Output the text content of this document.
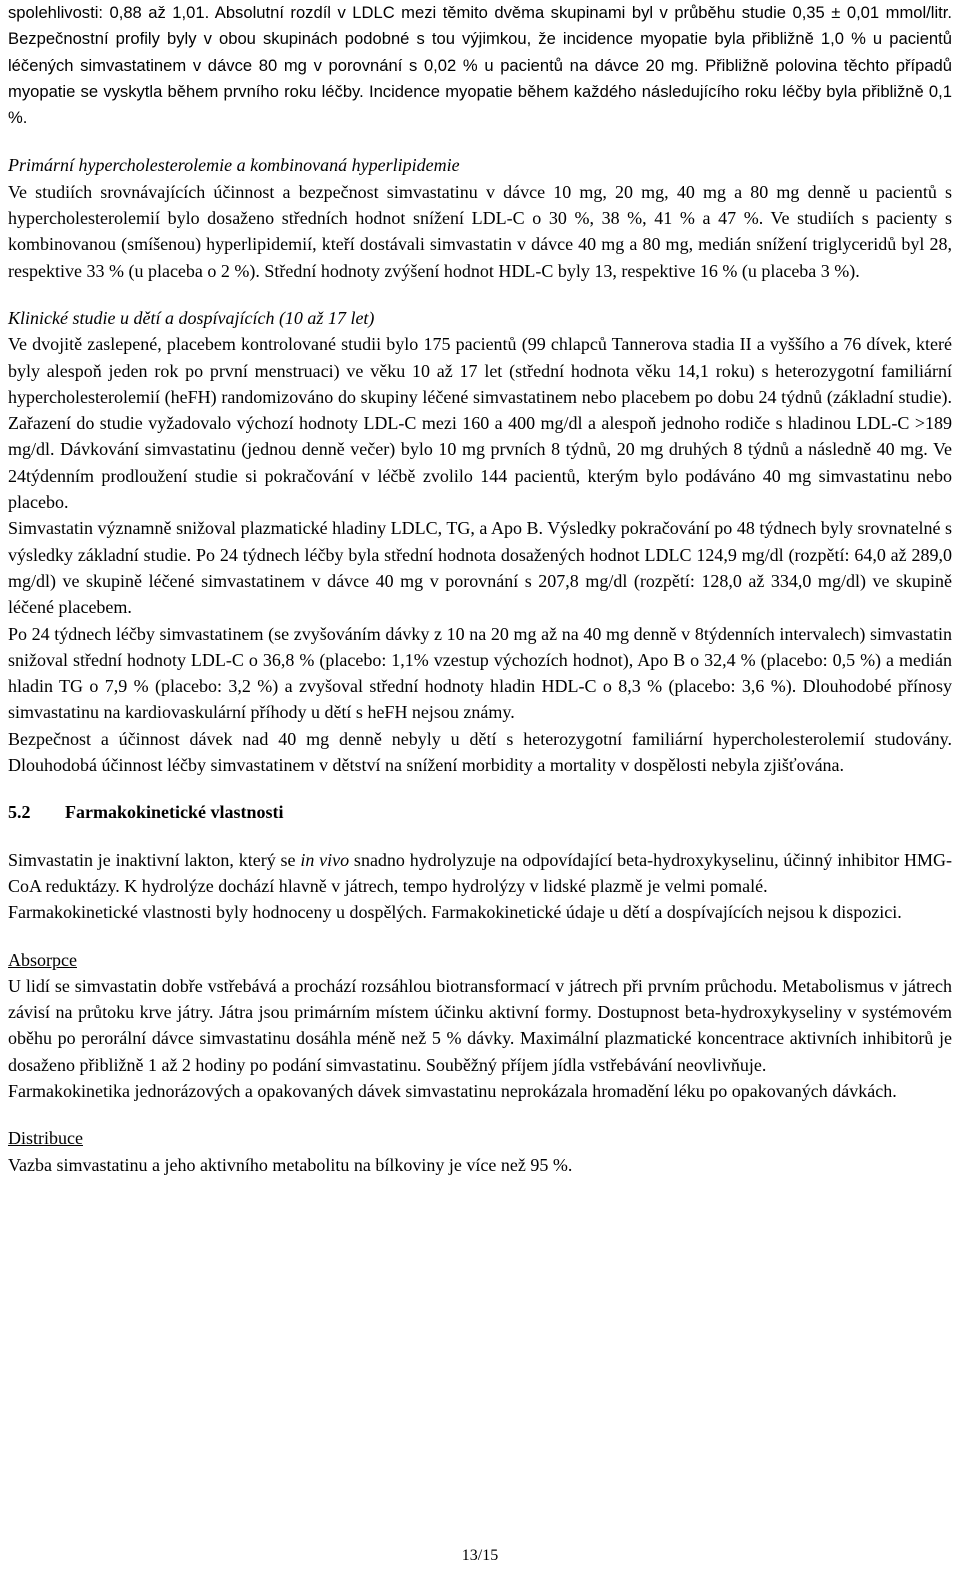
spolehlivosti: 0,88 až 1,01. Absolutní rozdíl v LDLC mezi těmito dvěma skupinami byl v průběhu studie 0,35 ± 0,01 mmol/litr. Bezpečnostní profily byly v obou skupinách podobné s tou výjimkou, že incidence myopatie byla přibližně 1,0 % u pacientů léčených simvastatinem v dávce 80 mg v porovnání s 0,02 % u pacientů na dávce 20 mg. Přibližně polovina těchto případů myopatie se vyskytla během prvního roku léčby. Incidence myopatie během každého následujícího roku léčby byla přibližně 0,1 %.

Primární hypercholesterolemie a kombinovaná hyperlipidemie

Ve studiích srovnávajících účinnost a bezpečnost simvastatinu v dávce 10 mg, 20 mg, 40 mg a 80 mg denně u pacientů s hypercholesterolemií bylo dosaženo středních hodnot snížení LDL-C o 30 %, 38 %, 41 % a 47 %. Ve studiích s pacienty s kombinovanou (smíšenou) hyperlipidemií, kteří dostávali simvastatin v dávce 40 mg a 80 mg, medián snížení triglyceridů byl 28, respektive 33 % (u placeba o 2 %). Střední hodnoty zvýšení hodnot HDL-C byly 13, respektive 16 % (u placeba 3 %).

Klinické studie u dětí a dospívajících (10 až 17 let)

Ve dvojitě zaslepené, placebem kontrolované studii bylo 175 pacientů (99 chlapců Tannerova stadia II a vyššího a 76 dívek, které byly alespoň jeden rok po první menstruaci) ve věku 10 až 17 let (střední hodnota věku 14,1 roku) s heterozygotní familiární hypercholesterolemií (heFH) randomizováno do skupiny léčené simvastatinem nebo placebem po dobu 24 týdnů (základní studie). Zařazení do studie vyžadovalo výchozí hodnoty LDL-C mezi 160 a 400 mg/dl a alespoň jednoho rodiče s hladinou LDL-C >189 mg/dl. Dávkování simvastatinu (jednou denně večer) bylo 10 mg prvních 8 týdnů, 20 mg druhých 8 týdnů a následně 40 mg. Ve 24týdenním prodloužení studie si pokračování v léčbě zvolilo 144 pacientů, kterým bylo podáváno 40 mg simvastatinu nebo placebo.

Simvastatin významně snižoval plazmatické hladiny LDLC, TG, a Apo B. Výsledky pokračování po 48 týdnech byly srovnatelné s výsledky základní studie. Po 24 týdnech léčby byla střední hodnota dosažených hodnot LDLC 124,9 mg/dl (rozpětí: 64,0 až 289,0 mg/dl) ve skupině léčené simvastatinem v dávce 40 mg v porovnání s 207,8 mg/dl (rozpětí: 128,0 až 334,0 mg/dl) ve skupině léčené placebem.

Po 24 týdnech léčby simvastatinem (se zvyšováním dávky z 10 na 20 mg až na 40 mg denně v 8týdenních intervalech) simvastatin snižoval střední hodnoty LDL-C o 36,8 % (placebo: 1,1% vzestup výchozích hodnot), Apo B o 32,4 % (placebo: 0,5 %) a medián hladin TG o 7,9 % (placebo: 3,2 %) a zvyšoval střední hodnoty hladin HDL-C o 8,3 % (placebo: 3,6 %). Dlouhodobé přínosy simvastatinu na kardiovaskulární příhody u dětí s heFH nejsou známy.

Bezpečnost a účinnost dávek nad 40 mg denně nebyly u dětí s heterozygotní familiární hypercholesterolemií studovány. Dlouhodobá účinnost léčby simvastatinem v dětství na snížení morbidity a mortality v dospělosti nebyla zjišťována.

5.2	Farmakokinetické vlastnosti

Simvastatin je inaktivní lakton, který se in vivo snadno hydrolyzuje na odpovídající beta-hydroxykyselinu, účinný inhibitor HMG-CoA reduktázy. K hydrolýze dochází hlavně v játrech, tempo hydrolýzy v lidské plazmě je velmi pomalé.

Farmakokinetické vlastnosti byly hodnoceny u dospělých. Farmakokinetické údaje u dětí a dospívajících nejsou k dispozici.

Absorpce

U lidí se simvastatin dobře vstřebává a prochází rozsáhlou biotransformací v játrech při prvním průchodu. Metabolismus v játrech závisí na průtoku krve játry. Játra jsou primárním místem účinku aktivní formy. Dostupnost beta-hydroxykyseliny v systémovém oběhu po perorální dávce simvastatinu dosáhla méně než 5 % dávky. Maximální plazmatické koncentrace aktivních inhibitorů je dosaženo přibližně 1 až 2 hodiny po podání simvastatinu. Souběžný příjem jídla vstřebávání neovlivňuje.

Farmakokinetika jednorázových a opakovaných dávek simvastatinu neprokázala hromadění léku po opakovaných dávkách.

Distribuce

Vazba simvastatinu a jeho aktivního metabolitu na bílkoviny je více než 95 %.

13/15
